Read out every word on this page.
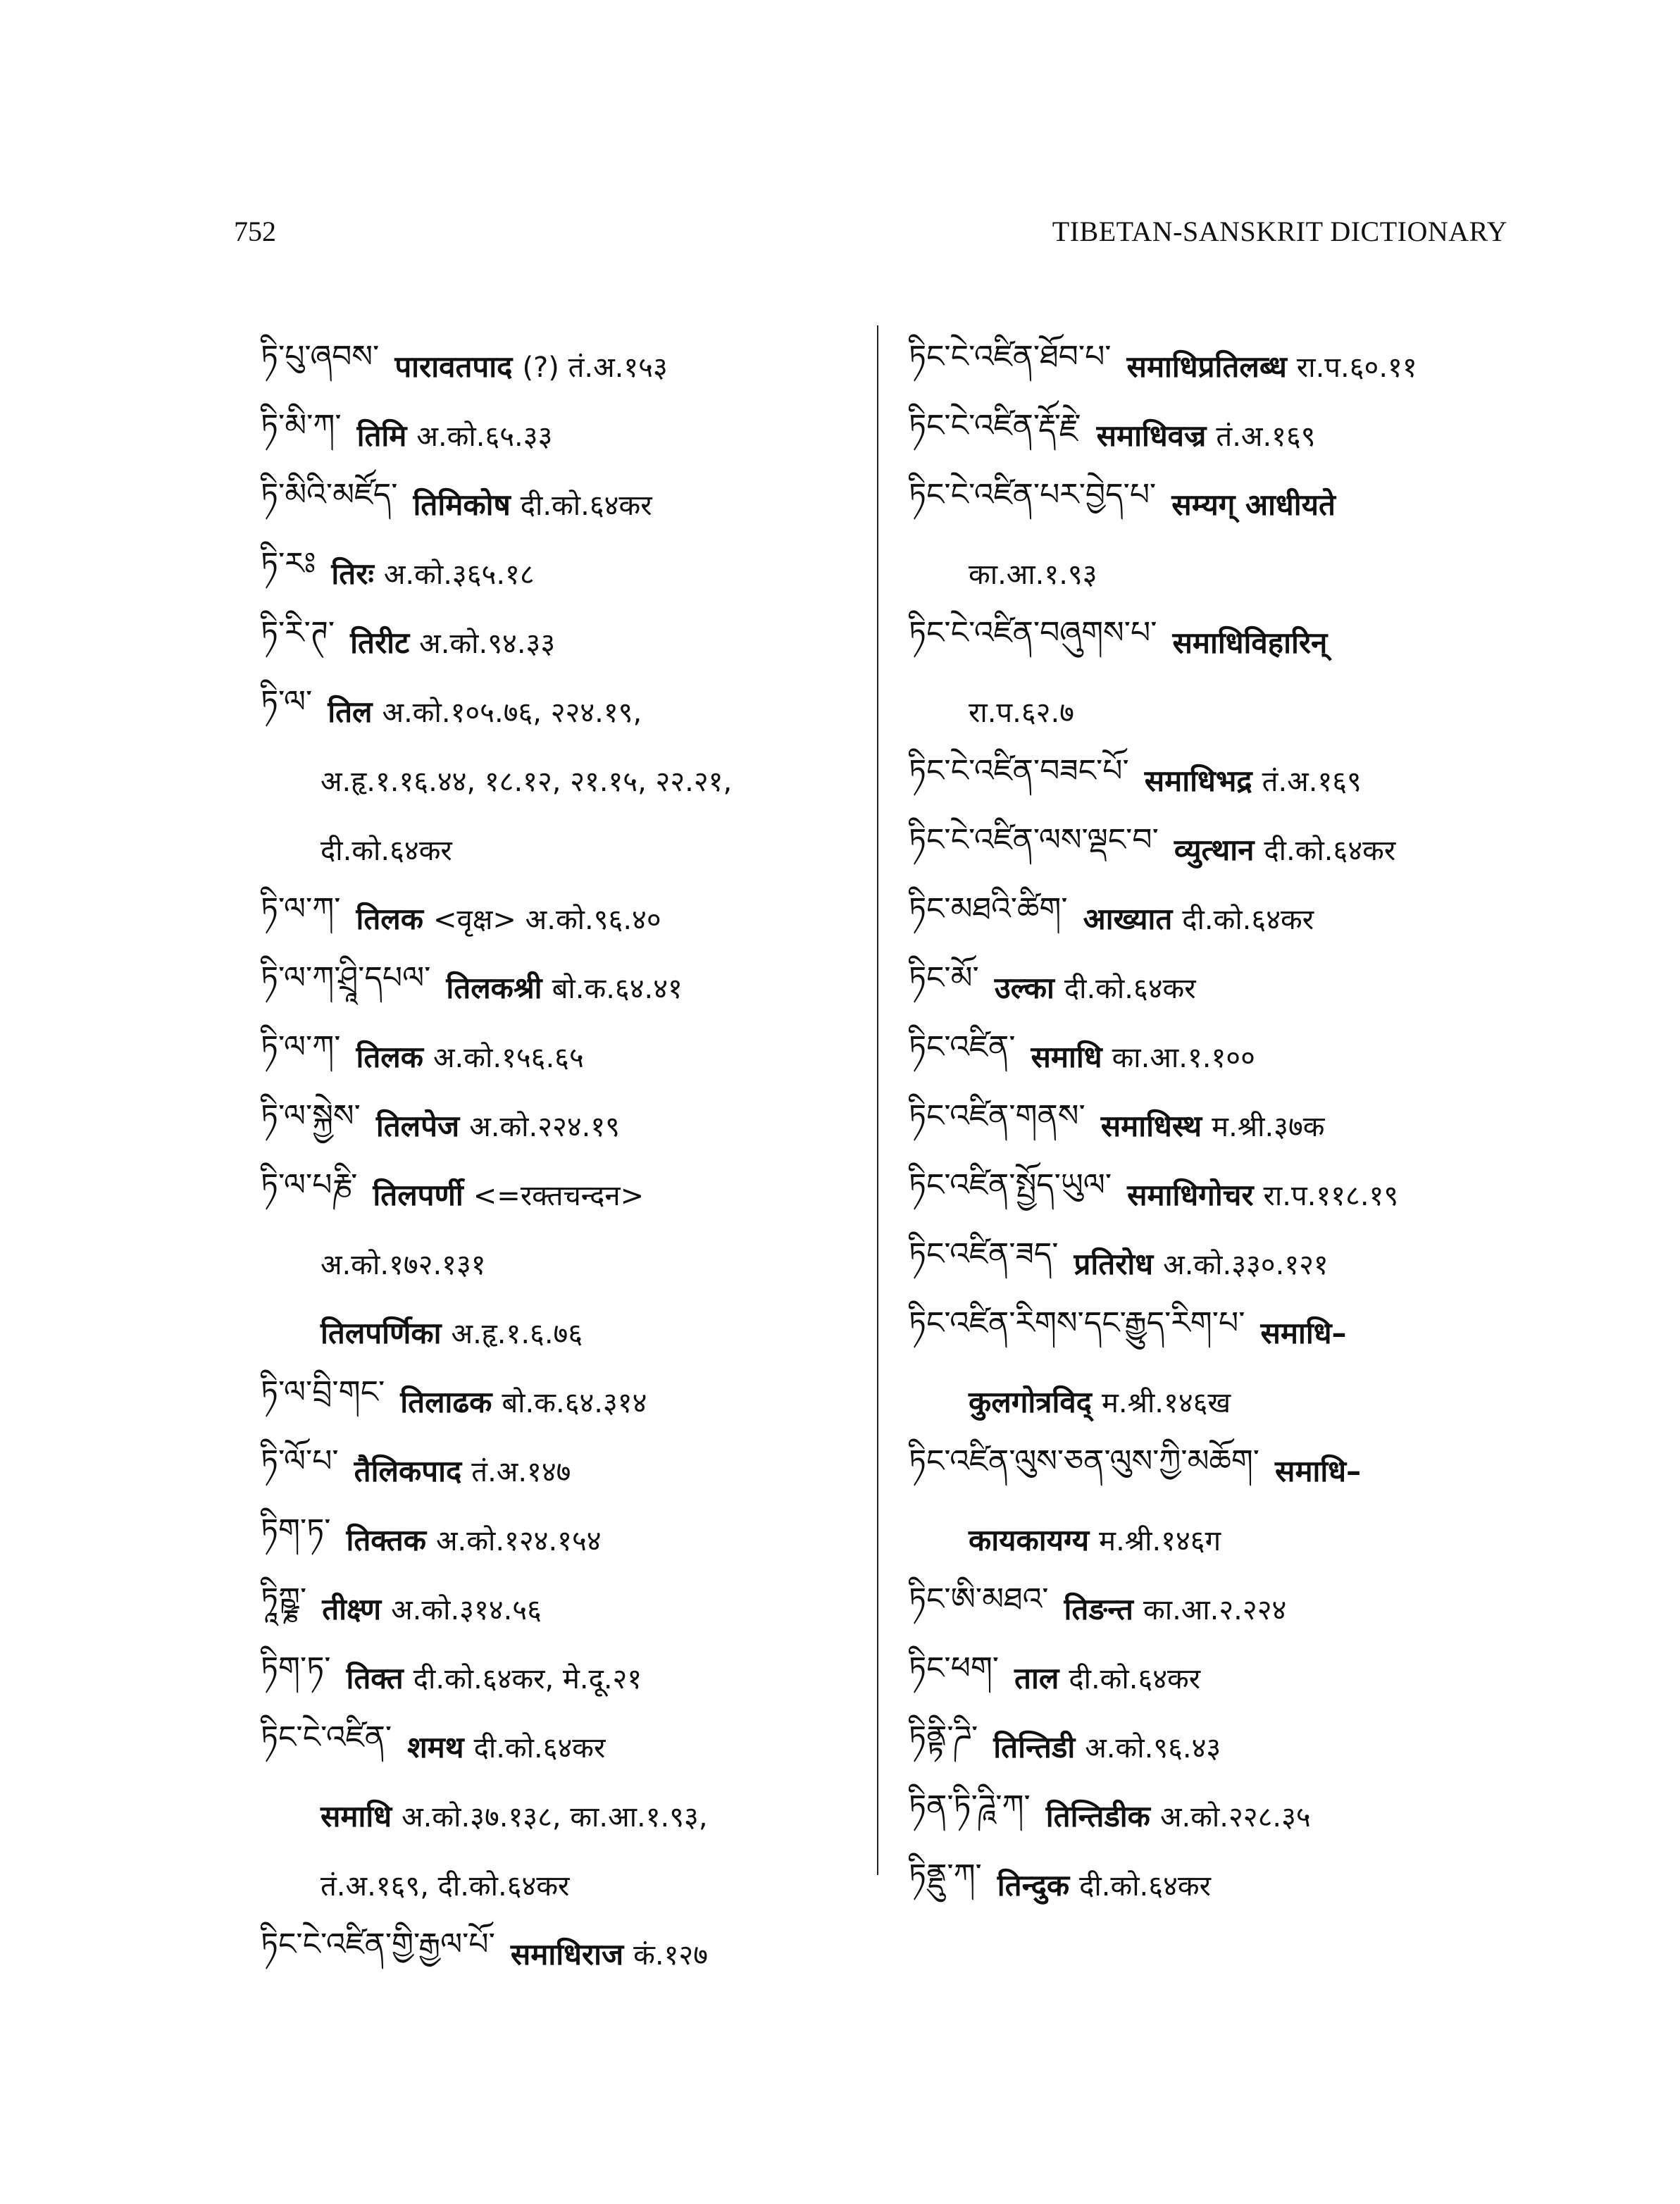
752	TIBETAN-SANSKRIT DICTIONARY
ཏི་པུ་ཞབས་ पारावतपाद (?) तं.अ.१५३
ཏི་མི་ཀ་ तिमि अ.को.६५.३३
ཏི་མིའི་མཛོད་ तिमिकोष दी.को.६४कर
ཏི་རཿ तिरः अ.को.३६५.१८
ཏི་རི་ཊ་ तिरीट अ.को.९४.३३
ཏི་ལ་ तिल अ.को.१०५.७६, २२४.१९,
अ.हृ.१.१६.४४, १८.१२, २१.१५, २२.२१,
दी.को.६४कर
ཏི་ལ་ཀ་ तिलक <वृक्ष> अ.को.९६.४०
ཏི་ལ་ཀ་ཤྲཱི་དཔལ་ तिलकश्री बो.क.६४.४१
ཏི་ལ་ཀ་ तिलक अ.को.१५६.६५
ཏི་ལ་སྐྱེས་ तिलपेज अ.को.२२४.१९
ཏི་ལ་པརྞི་ तिलपर्णी <=रक्तचन्दन>
अ.को.१७२.१३१
तिलपर्णिका अ.हृ.१.६.७६
ཏི་ལ་བྲི་གང་ तिलाढक बो.क.६४.३१४
ཏི་ལོ་པ་ तैलिकपाद तं.अ.१४७
ཏིག་ཏ་ तिक्तक अ.को.१२४.१५४
ཏཱིཀྵྞ་ तीक्ष्ण अ.को.३१४.५६
ཏིག་ཏ་ तिक्त दी.को.६४कर, मे.दू.२१
ཏིང་ངེ་འཛིན་ शमथ दी.को.६४कर
समाधि अ.को.३७.१३८, का.आ.१.९३,
तं.अ.१६९, दी.को.६४कर
ཏིང་ངེ་འཛིན་གྱི་རྒྱལ་པོ་ समाधिराज कं.१२७
ཏིང་ངེ་འཛིན་ཐོབ་པ་ समाधिप्रतिलब्ध रा.प.६०.११
ཏིང་ངེ་འཛིན་རྡོ་རྗེ་ समाधिवज्र तं.अ.१६९
ཏིང་ངེ་འཛིན་པར་བྱེད་པ་ सम्यग् आधीयते
का.आ.१.९३
ཏིང་ངེ་འཛིན་བཞུགས་པ་ समाधिविहारिन्
रा.प.६२.७
ཏིང་ངེ་འཛིན་བཟང་པོ་ समाधिभद्र तं.अ.१६९
ཏིང་ངེ་འཛིན་ལས་ལྡང་བ་ व्युत्थान दी.को.६४कर
ཏིང་མཐའི་ཚིག་ आख्यात दी.को.६४कर
ཏིང་མོ་ उल्का दी.को.६४कर
ཏིང་འཛིན་ समाधि का.आ.१.१००
ཏིང་འཛིན་གནས་ समाधिस्थ म.श्री.३७क
ཏིང་འཛིན་སྤྱོད་ཡུལ་ समाधिगोचर रा.प.११८.१९
ཏིང་འཛིན་ཟད་ प्रतिरोध अ.को.३३०.१२१
ཏིང་འཛིན་རིགས་དང་རྒྱུད་རིག་པ་ समाधि–
कुलगोत्रविद् म.श्री.१४६ख
ཏིང་འཛིན་ལུས་ཅན་ལུས་ཀྱི་མཆོག་ समाधि–
कायकायग्य म.श्री.१४६ग
ཏིང་ཨི་མཐའ་ तिङन्त का.आ.२.२२४
ཏིང་ཕག་ ताल दी.को.६४कर
ཏིནྟི་ཌི་ तिन्तिडी अ.को.९६.४३
ཏིན་ཏི་ཌཱི་ཀ་ तिन्तिडीक अ.को.२२८.३५
ཏིནྡུ་ཀ་ तिन्दुक दी.को.६४कर
